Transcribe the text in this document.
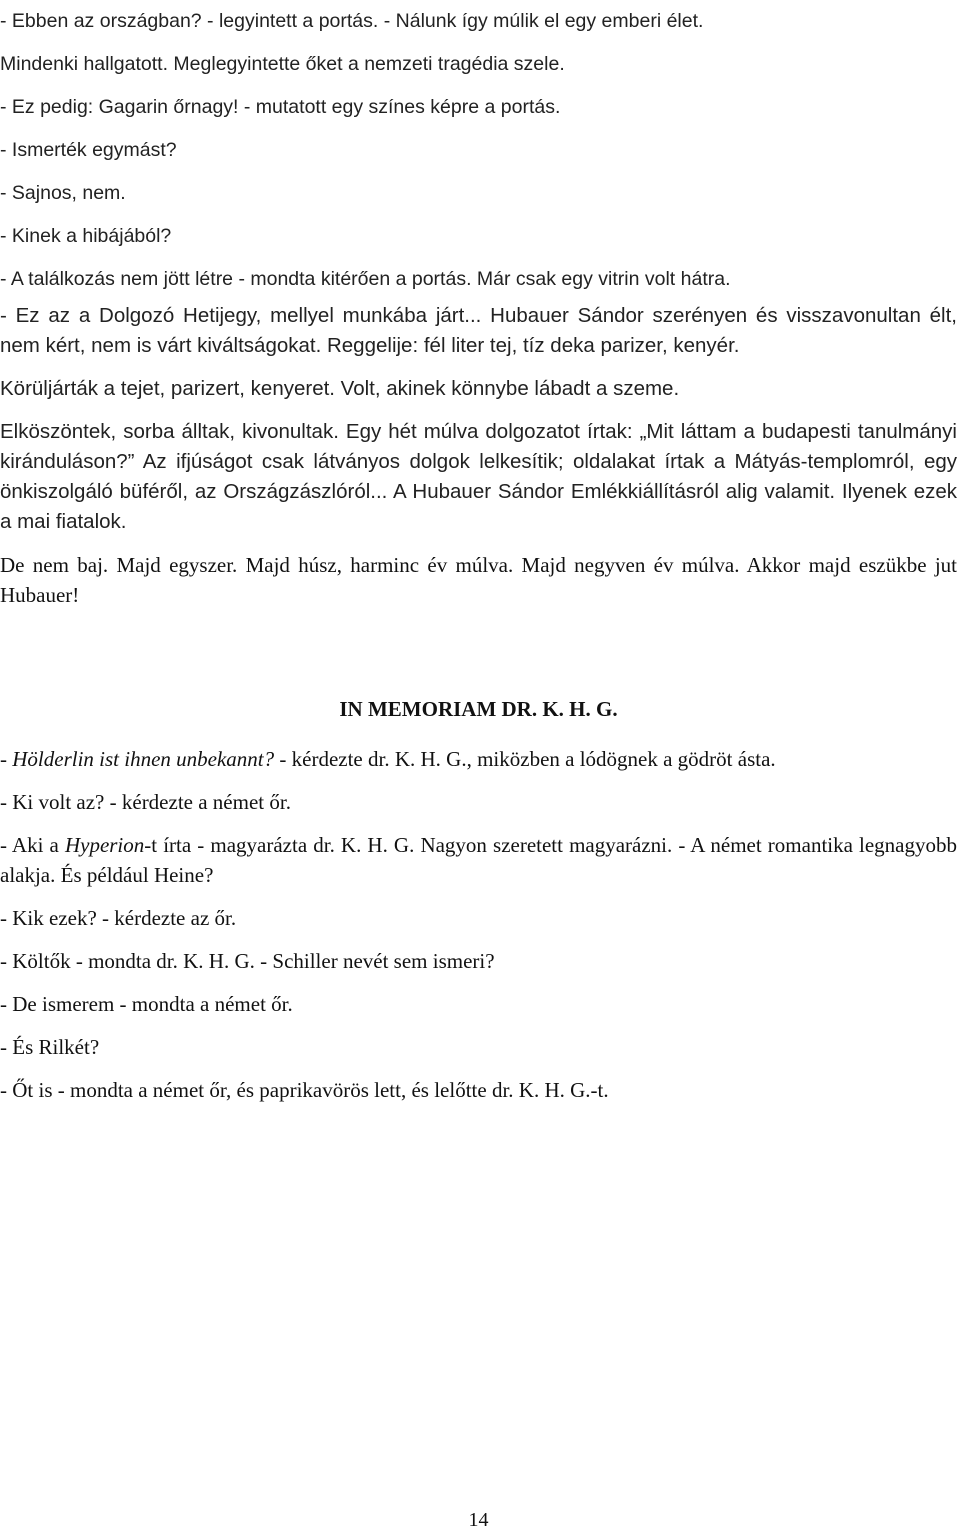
- Ebben az országban? - legyintett a portás. - Nálunk így múlik el egy emberi élet.
Mindenki hallgatott. Meglegyintette őket a nemzeti tragédia szele.
- Ez pedig: Gagarin őrnagy! - mutatott egy színes képre a portás.
- Ismerték egymást?
- Sajnos, nem.
- Kinek a hibájából?
- A találkozás nem jött létre - mondta kitérően a portás. Már csak egy vitrin volt hátra.

- Ez az a Dolgozó Hetijegy, mellyel munkába járt... Hubauer Sándor szerényen és visszavonultan élt, nem kért, nem is várt kiváltságokat. Reggelije: fél liter tej, tíz deka parizer, kenyér.

Körüljárták a tejet, parizert, kenyeret. Volt, akinek könnybe lábadt a szeme.

Elköszöntek, sorba álltak, kivonultak. Egy hét múlva dolgozatot írtak: „Mit láttam a budapesti tanulmányi kiránduláson?” Az ifjúságot csak látványos dolgok lelkesítik; oldalakat írtak a Mátyás-templomról, egy önkiszolgáló büféről, az Országzászlóról... A Hubauer Sándor Emlékkiállításról alig valamit. Ilyenek ezek a mai fiatalok.

De nem baj. Majd egyszer. Majd húsz, harminc év múlva. Majd negyven év múlva. Akkor majd eszükbe jut Hubauer!

IN MEMORIAM DR. K. H. G.

- Hölderlin ist ihnen unbekannt? - kérdezte dr. K. H. G., miközben a lódögnek a gödröt ásta.

- Ki volt az? - kérdezte a német őr.

- Aki a Hyperion-t írta - magyarázta dr. K. H. G. Nagyon szeretett magyarázni. - A német romantika legnagyobb alakja. És például Heine?

- Kik ezek? - kérdezte az őr.

- Költők - mondta dr. K. H. G. - Schiller nevét sem ismeri?

- De ismerem - mondta a német őr.

- És Rilkét?

- Őt is - mondta a német őr, és paprikavörös lett, és lelőtte dr. K. H. G.-t.

14
